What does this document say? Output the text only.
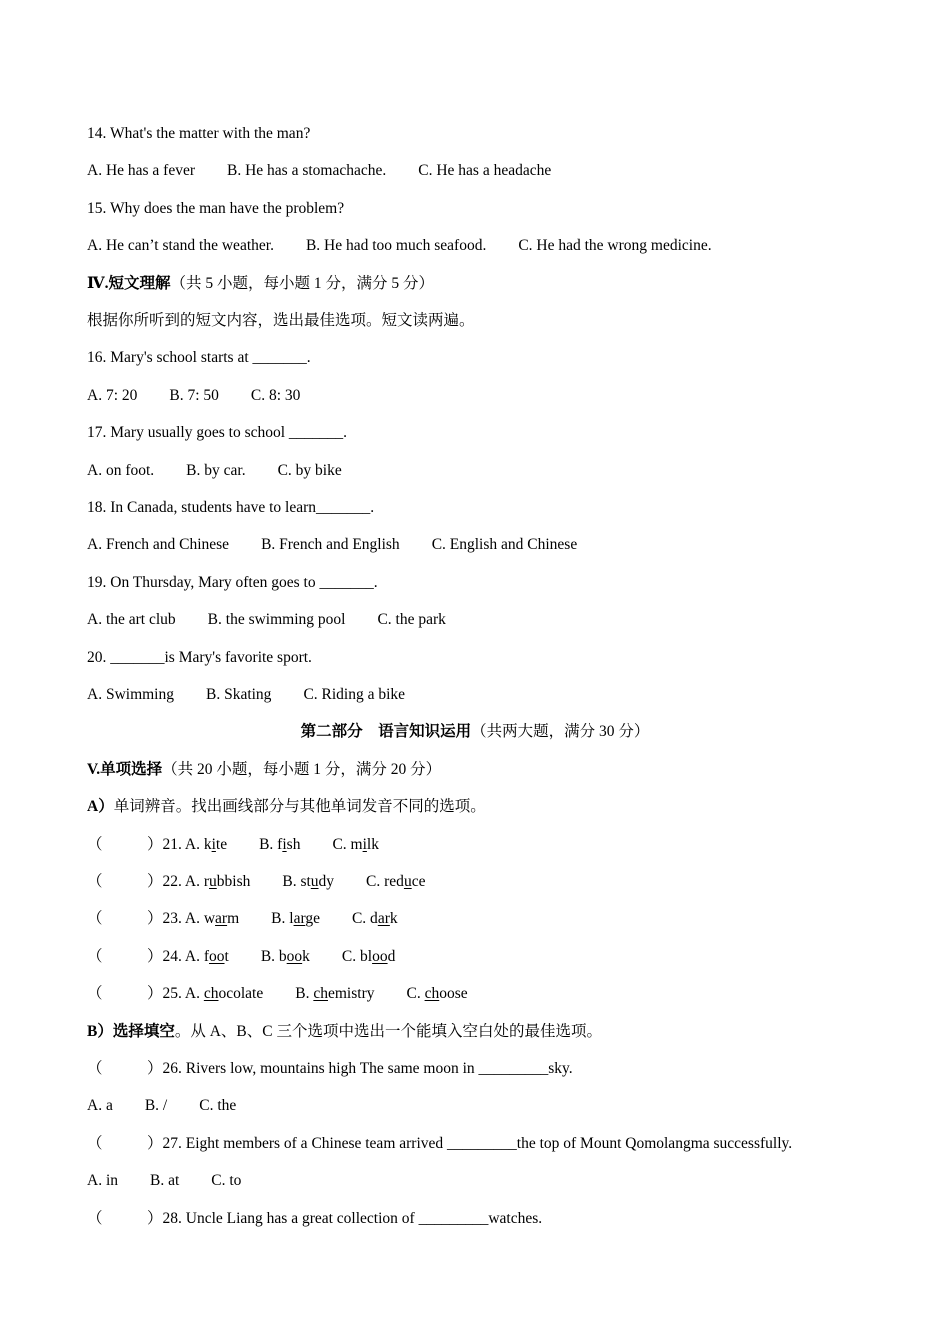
14. What's the matter with the man?
A. He has a fever B. He has a stomachache. C. He has a headache
15. Why does the man have the problem?
A. He can’t stand the weather. B. He had too much seafood. C. He had the wrong medicine.
Ⅳ.短文理解（共 5 小题，每小题 1 分，满分 5 分）
根据你所听到的短文内容，选出最佳选项。短文读两遍。
16. Mary's school starts at _______.
A. 7: 20 B. 7: 50 C. 8: 30
17. Mary usually goes to school _______.
A. on foot. B. by car. C. by bike
18. In Canada, students have to learn_______.
A. French and Chinese B. French and English C. English and Chinese
19. On Thursday, Mary often goes to _______.
A. the art club B. the swimming pool C. the park
20. _______is Mary's favorite sport.
A. Swimming B. Skating C. Riding a bike
第二部分　语言知识运用（共两大题，满分 30 分）
V.单项选择（共 20 小题，每小题 1 分，满分 20 分）
A）单词辨音。找出画线部分与其他单词发音不同的选项。
（	）21. A. kite B. fish C. milk
（	）22. A. rubbish B. study C. reduce
（	）23. A. warm B. large C. dark
（	）24. A. foot B. book C. blood
（	）25. A. chocolate B. chemistry C. choose
B）选择填空。从 A、B、C 三个选项中选出一个能填入空白处的最佳选项。
（	）26. Rivers low, mountains high The same moon in _________sky.
A. a B. / C. the
（	）27. Eight members of a Chinese team arrived _________the top of Mount Qomolangma successfully.
A. in B. at C. to
（	）28. Uncle Liang has a great collection of _________watches.
